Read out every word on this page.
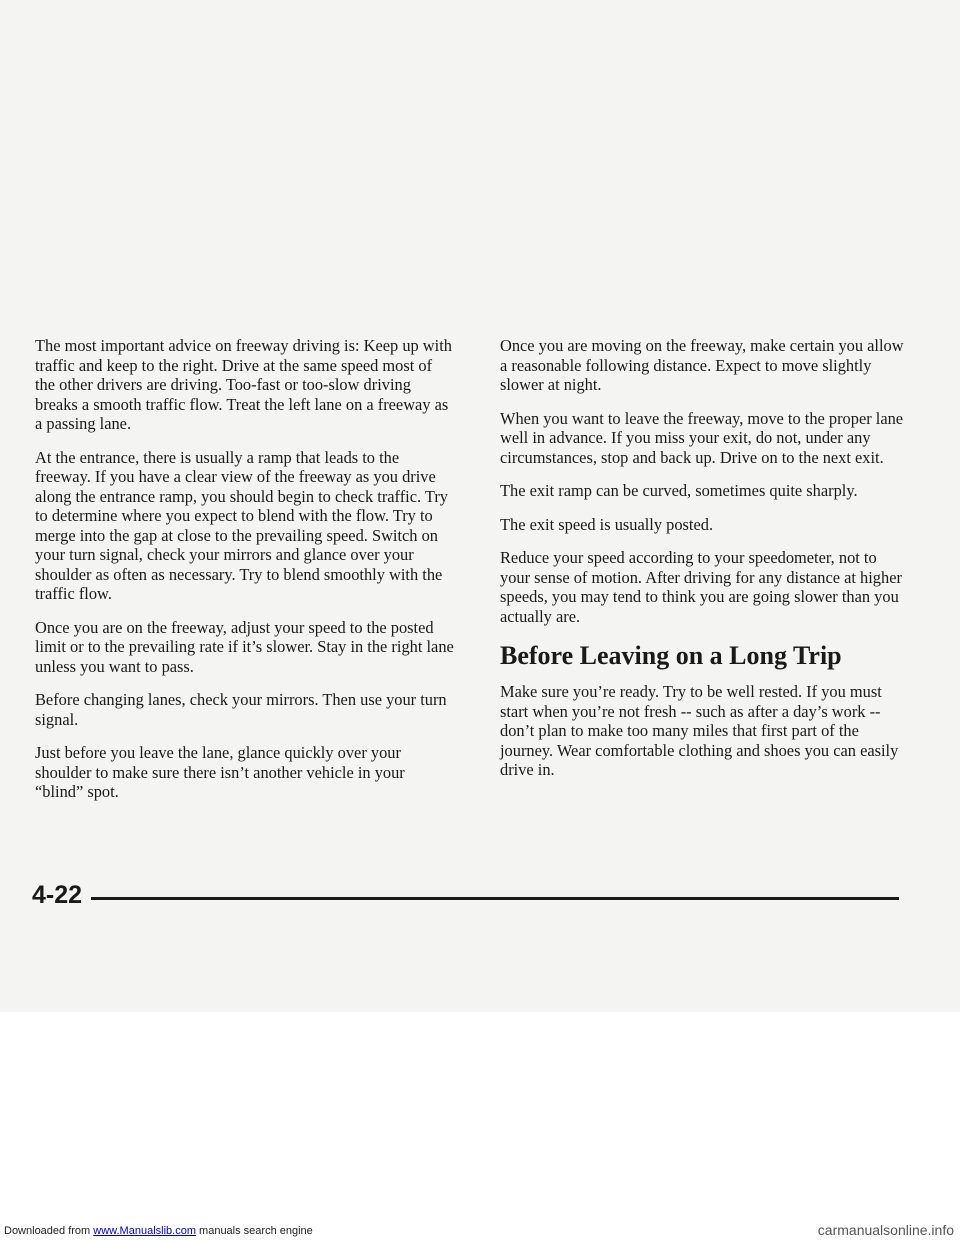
The most important advice on freeway driving is: Keep up with traffic and keep to the right. Drive at the same speed most of the other drivers are driving. Too-fast or too-slow driving breaks a smooth traffic flow. Treat the left lane on a freeway as a passing lane.

At the entrance, there is usually a ramp that leads to the freeway. If you have a clear view of the freeway as you drive along the entrance ramp, you should begin to check traffic. Try to determine where you expect to blend with the flow. Try to merge into the gap at close to the prevailing speed. Switch on your turn signal, check your mirrors and glance over your shoulder as often as necessary. Try to blend smoothly with the traffic flow.

Once you are on the freeway, adjust your speed to the posted limit or to the prevailing rate if it’s slower. Stay in the right lane unless you want to pass.

Before changing lanes, check your mirrors. Then use your turn signal.

Just before you leave the lane, glance quickly over your shoulder to make sure there isn’t another vehicle in your “blind” spot.

Once you are moving on the freeway, make certain you allow a reasonable following distance. Expect to move slightly slower at night.

When you want to leave the freeway, move to the proper lane well in advance. If you miss your exit, do not, under any circumstances, stop and back up. Drive on to the next exit.

The exit ramp can be curved, sometimes quite sharply.

The exit speed is usually posted.

Reduce your speed according to your speedometer, not to your sense of motion. After driving for any distance at higher speeds, you may tend to think you are going slower than you actually are.

Before Leaving on a Long Trip

Make sure you’re ready. Try to be well rested. If you must start when you’re not fresh -- such as after a day’s work -- don’t plan to make too many miles that first part of the journey. Wear comfortable clothing and shoes you can easily drive in.

4-22
Downloaded from www.Manualslib.com manuals search engine	carmanualsonline.info
